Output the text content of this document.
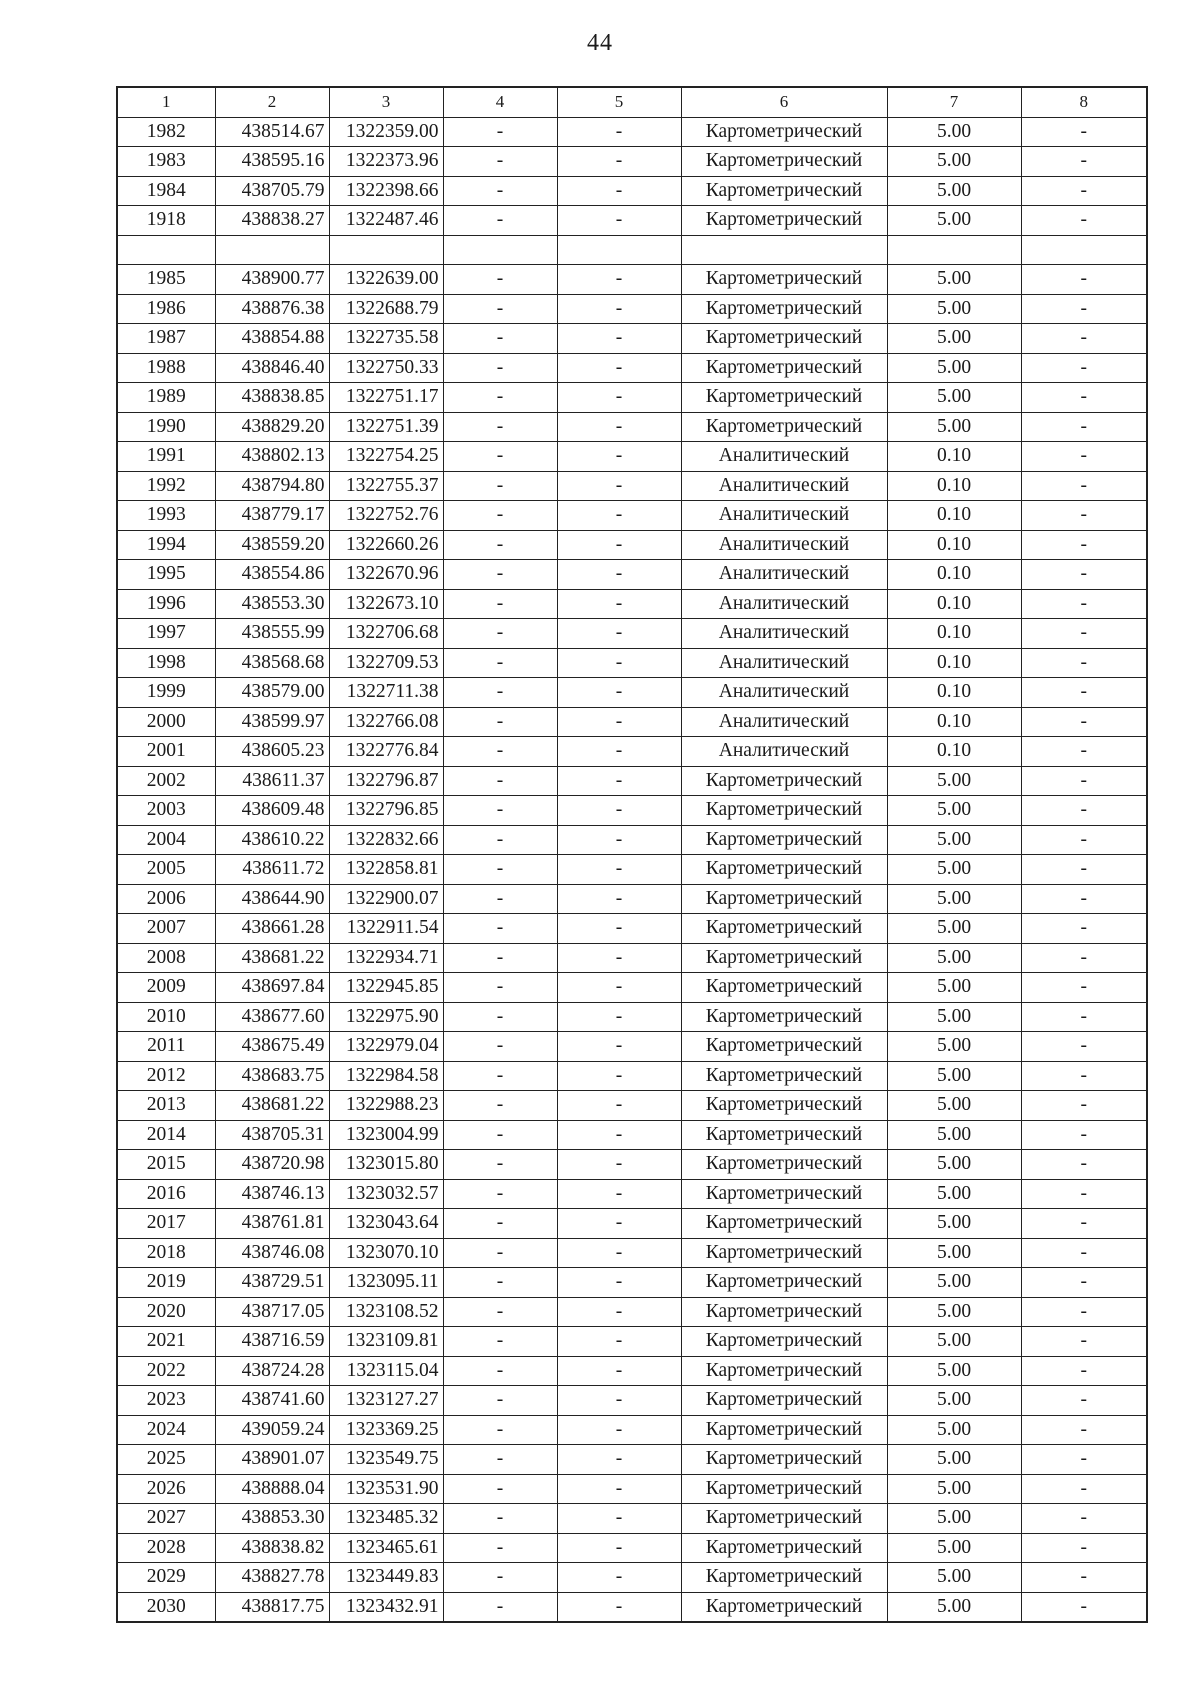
44
1	2	3	4	5	6	7	8
1982	438514.67	1322359.00	-	-	Картометрический	5.00	-
1983	438595.16	1322373.96	-	-	Картометрический	5.00	-
1984	438705.79	1322398.66	-	-	Картометрический	5.00	-
1918	438838.27	1322487.46	-	-	Картометрический	5.00	-

1985	438900.77	1322639.00	-	-	Картометрический	5.00	-
1986	438876.38	1322688.79	-	-	Картометрический	5.00	-
1987	438854.88	1322735.58	-	-	Картометрический	5.00	-
1988	438846.40	1322750.33	-	-	Картометрический	5.00	-
1989	438838.85	1322751.17	-	-	Картометрический	5.00	-
1990	438829.20	1322751.39	-	-	Картометрический	5.00	-
1991	438802.13	1322754.25	-	-	Аналитический	0.10	-
1992	438794.80	1322755.37	-	-	Аналитический	0.10	-
1993	438779.17	1322752.76	-	-	Аналитический	0.10	-
1994	438559.20	1322660.26	-	-	Аналитический	0.10	-
1995	438554.86	1322670.96	-	-	Аналитический	0.10	-
1996	438553.30	1322673.10	-	-	Аналитический	0.10	-
1997	438555.99	1322706.68	-	-	Аналитический	0.10	-
1998	438568.68	1322709.53	-	-	Аналитический	0.10	-
1999	438579.00	1322711.38	-	-	Аналитический	0.10	-
2000	438599.97	1322766.08	-	-	Аналитический	0.10	-
2001	438605.23	1322776.84	-	-	Аналитический	0.10	-
2002	438611.37	1322796.87	-	-	Картометрический	5.00	-
2003	438609.48	1322796.85	-	-	Картометрический	5.00	-
2004	438610.22	1322832.66	-	-	Картометрический	5.00	-
2005	438611.72	1322858.81	-	-	Картометрический	5.00	-
2006	438644.90	1322900.07	-	-	Картометрический	5.00	-
2007	438661.28	1322911.54	-	-	Картометрический	5.00	-
2008	438681.22	1322934.71	-	-	Картометрический	5.00	-
2009	438697.84	1322945.85	-	-	Картометрический	5.00	-
2010	438677.60	1322975.90	-	-	Картометрический	5.00	-
2011	438675.49	1322979.04	-	-	Картометрический	5.00	-
2012	438683.75	1322984.58	-	-	Картометрический	5.00	-
2013	438681.22	1322988.23	-	-	Картометрический	5.00	-
2014	438705.31	1323004.99	-	-	Картометрический	5.00	-
2015	438720.98	1323015.80	-	-	Картометрический	5.00	-
2016	438746.13	1323032.57	-	-	Картометрический	5.00	-
2017	438761.81	1323043.64	-	-	Картометрический	5.00	-
2018	438746.08	1323070.10	-	-	Картометрический	5.00	-
2019	438729.51	1323095.11	-	-	Картометрический	5.00	-
2020	438717.05	1323108.52	-	-	Картометрический	5.00	-
2021	438716.59	1323109.81	-	-	Картометрический	5.00	-
2022	438724.28	1323115.04	-	-	Картометрический	5.00	-
2023	438741.60	1323127.27	-	-	Картометрический	5.00	-
2024	439059.24	1323369.25	-	-	Картометрический	5.00	-
2025	438901.07	1323549.75	-	-	Картометрический	5.00	-
2026	438888.04	1323531.90	-	-	Картометрический	5.00	-
2027	438853.30	1323485.32	-	-	Картометрический	5.00	-
2028	438838.82	1323465.61	-	-	Картометрический	5.00	-
2029	438827.78	1323449.83	-	-	Картометрический	5.00	-
2030	438817.75	1323432.91	-	-	Картометрический	5.00	-
